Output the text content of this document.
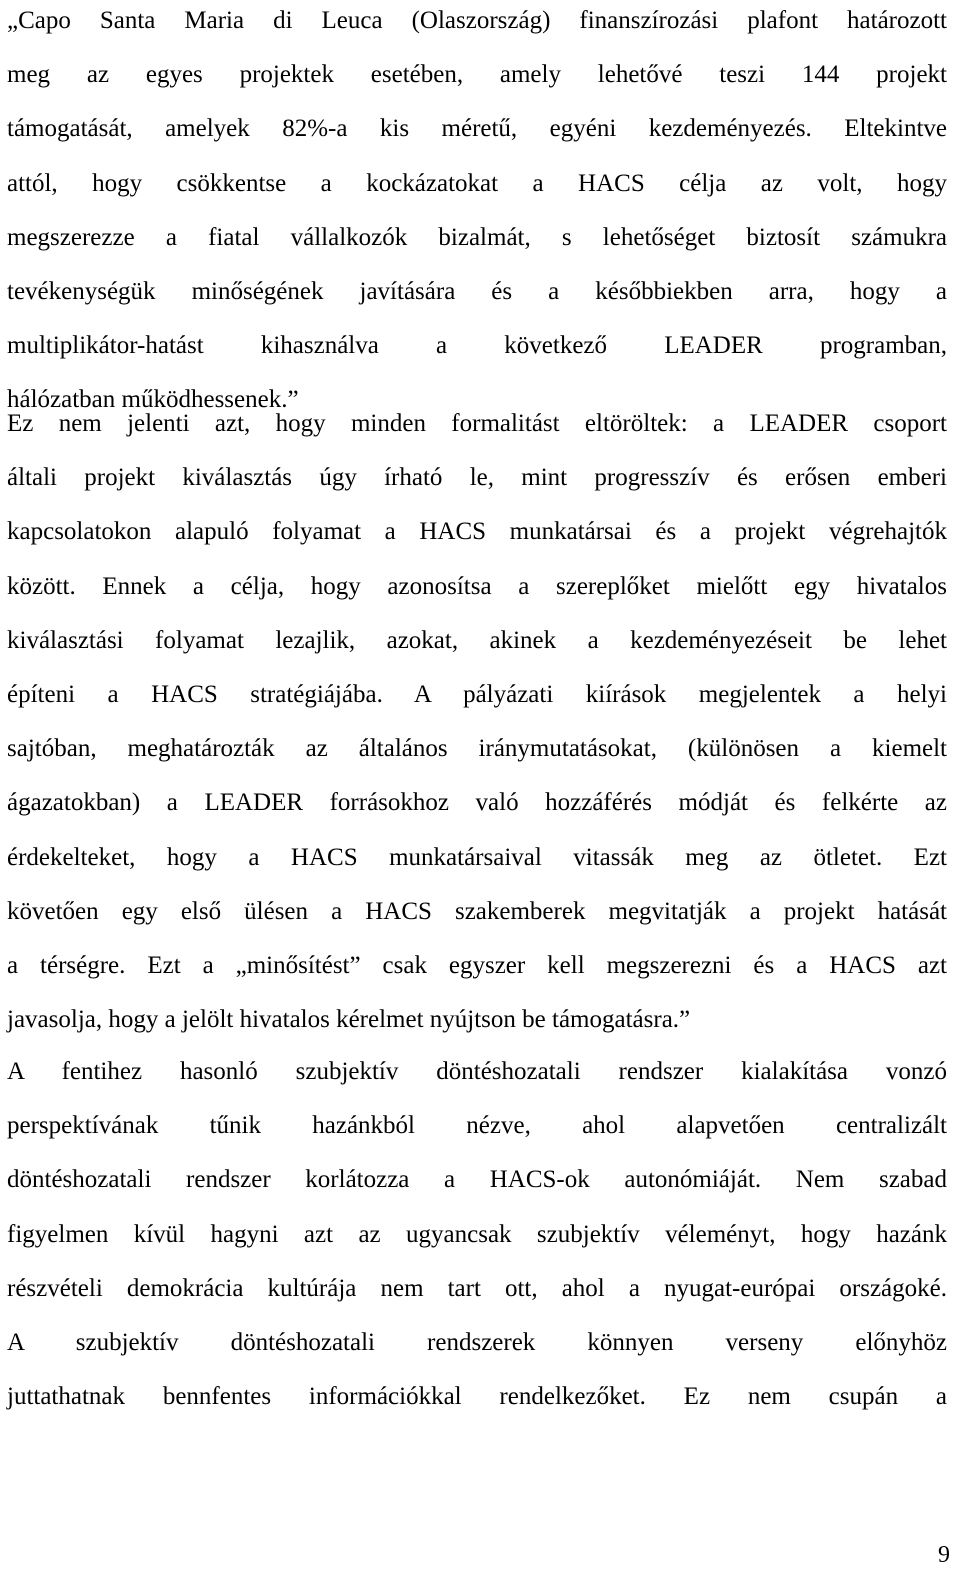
„Capo Santa Maria di Leuca (Olaszország) finanszírozási plafont határozott
meg az egyes projektek esetében, amely lehetővé teszi 144 projekt
támogatását, amelyek 82%-a kis méretű, egyéni kezdeményezés. Eltekintve
attól, hogy csökkentse a kockázatokat a HACS célja az volt, hogy
megszerezze a fiatal vállalkozók bizalmát, s lehetőséget biztosít számukra
tevékenységük minőségének javítására és a későbbiekben arra, hogy a
multiplikátor-hatást kihasználva a következő LEADER programban,
hálózatban működhessenek.”
Ez nem jelenti azt, hogy minden formalitást eltöröltek: a LEADER csoport
általi projekt kiválasztás úgy írható le, mint progresszív és erősen emberi
kapcsolatokon alapuló folyamat a HACS munkatársai és a projekt végrehajtók
között. Ennek a célja, hogy azonosítsa a szereplőket mielőtt egy hivatalos
kiválasztási folyamat lezajlik, azokat, akinek a kezdeményezéseit be lehet
építeni a HACS stratégiájába. A pályázati kiírások megjelentek a helyi
sajtóban, meghatározták az általános iránymutatásokat, (különösen a kiemelt
ágazatokban) a LEADER forrásokhoz való hozzáférés módját és felkérte az
érdekelteket, hogy a HACS munkatársaival vitassák meg az ötletet. Ezt
követően egy első ülésen a HACS szakemberek megvitatják a projekt hatását
a térségre. Ezt a „minősítést” csak egyszer kell megszerezni és a HACS azt
javasolja, hogy a jelölt hivatalos kérelmet nyújtson be támogatásra.”
A fentihez hasonló szubjektív döntéshozatali rendszer kialakítása vonzó
perspektívának tűnik hazánkból nézve, ahol alapvetően centralizált
döntéshozatali rendszer korlátozza a HACS-ok autonómiáját. Nem szabad
figyelmen kívül hagyni azt az ugyancsak szubjektív véleményt, hogy hazánk
részvételi demokrácia kultúrája nem tart ott, ahol a nyugat-európai országoké.
A szubjektív döntéshozatali rendszerek könnyen verseny előnyhöz
juttathatnak bennfentes információkkal rendelkezőket. Ez nem csupán a
9
